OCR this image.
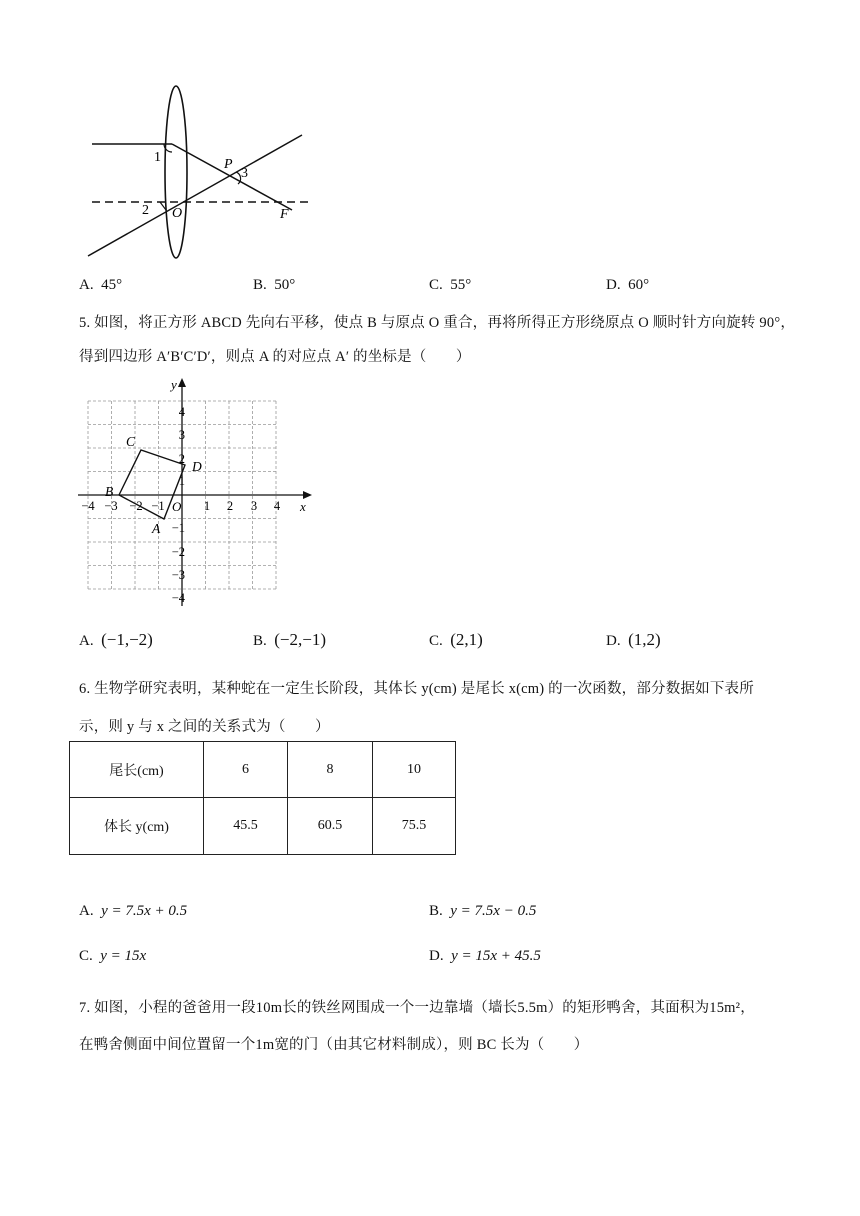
1
2
3
P
O	F
A. 45°	B. 50°	C. 55°	D. 60°
5. 如图，将正方形 ABCD 先向右平移，使点 B 与原点 O 重合，再将所得正方形绕原点 O 顺时针方向旋转 90°，
得到四边形 A′B′C′D′，则点 A 的对应点 A′ 的坐标是（　　）
x
y
−4 −3 −2 −1	1 2 3 4
4
3
2
1
−1
−2
−3
−4
O
A
B
C
D
A. (−1,−2)	B. (−2,−1)	C. (2,1)	D. (1,2)
6. 生物学研究表明，某种蛇在一定生长阶段，其体长 y(cm) 是尾长 x(cm) 的一次函数，部分数据如下表所
示，则 y 与 x 之间的关系式为（　　）
尾长(cm)	6	8	10
体长 y(cm)	45.5	60.5	75.5
A. y = 7.5x + 0.5	B. y = 7.5x − 0.5
C. y = 15x	D. y = 15x + 45.5
7. 如图，小程的爸爸用一段10m长的铁丝网围成一个一边靠墙（墙长5.5m）的矩形鸭舍，其面积为15m²，
在鸭舍侧面中间位置留一个1m宽的门（由其它材料制成），则 BC 长为（　　）
